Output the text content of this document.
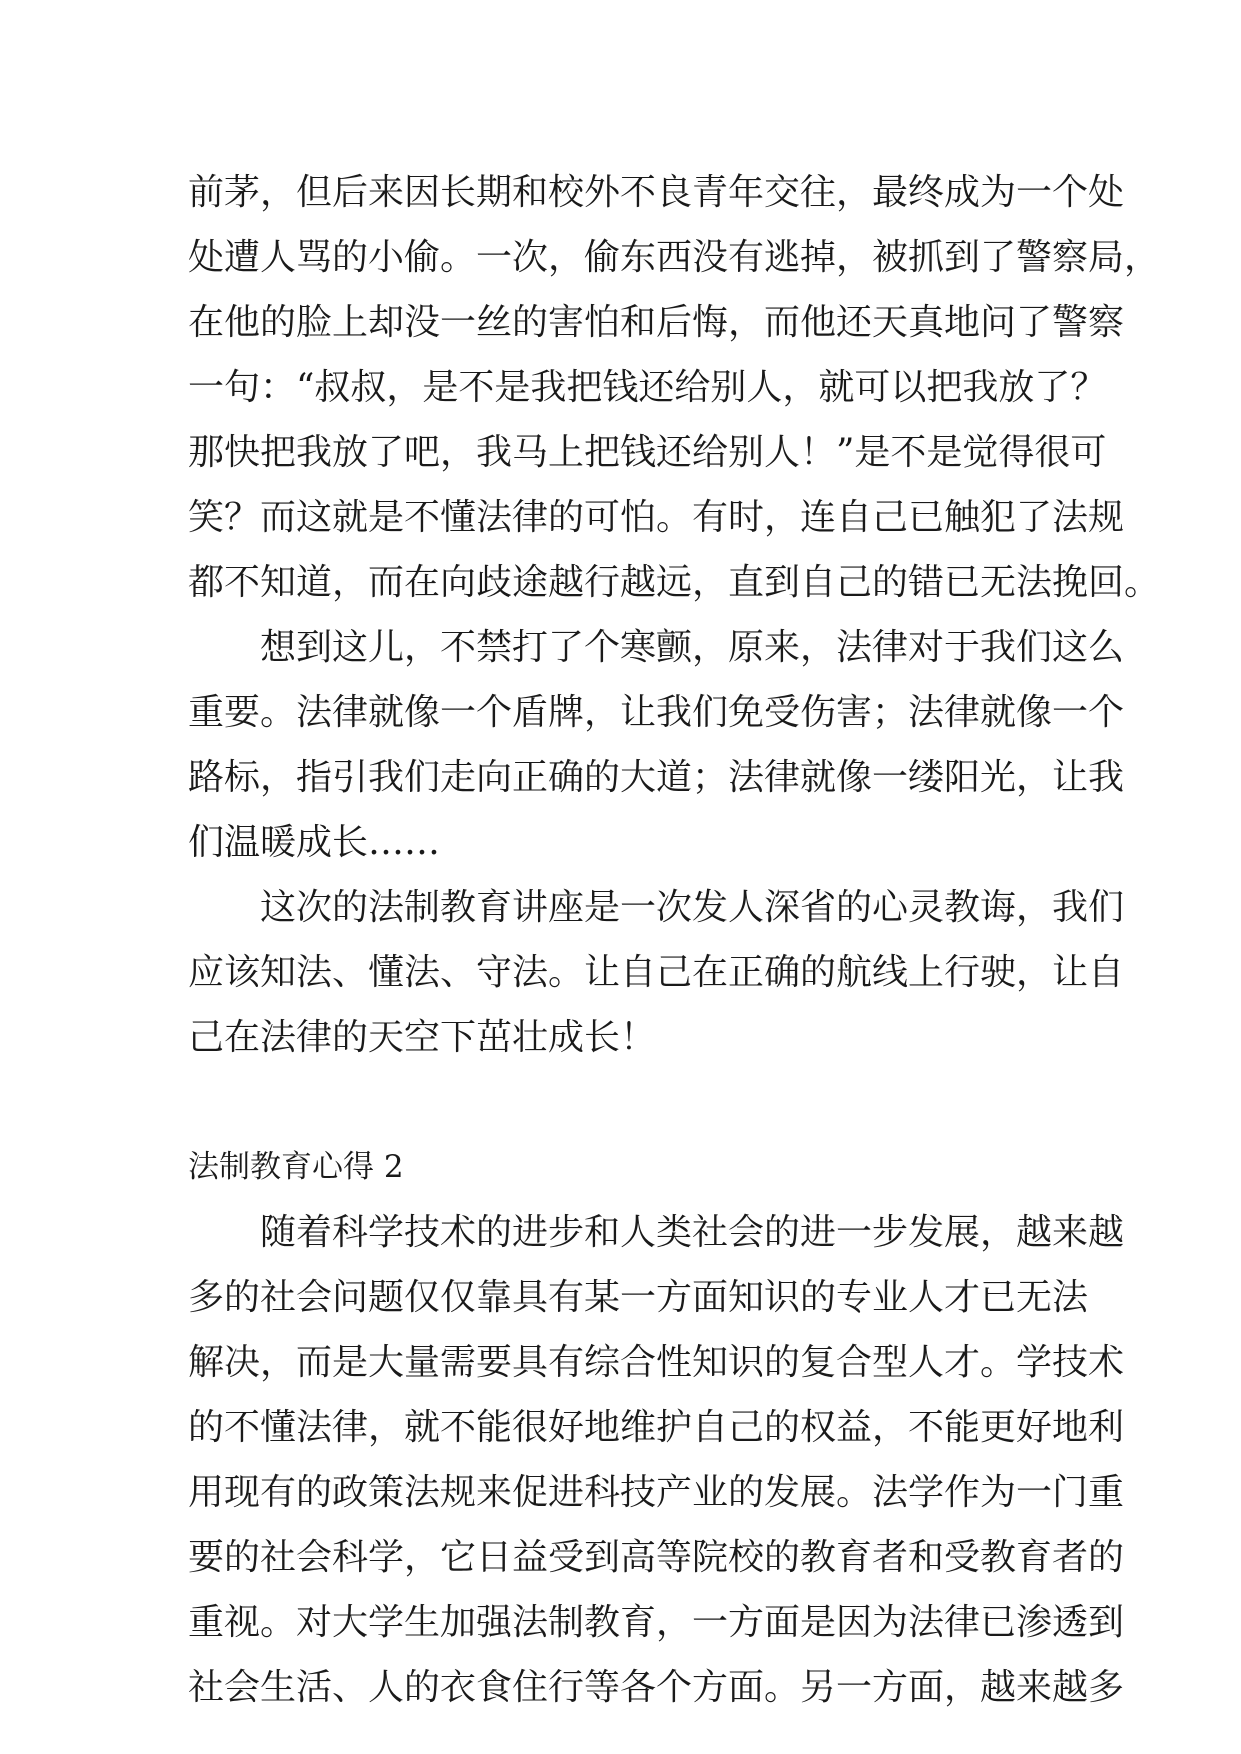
前茅，但后来因长期和校外不良青年交往，最终成为一个处
处遭人骂的小偷。一次，偷东西没有逃掉，被抓到了警察局，
在他的脸上却没一丝的害怕和后悔，而他还天真地问了警察
一句：“叔叔，是不是我把钱还给别人，就可以把我放了？
那快把我放了吧，我马上把钱还给别人！”是不是觉得很可
笑？而这就是不懂法律的可怕。有时，连自己已触犯了法规
都不知道，而在向歧途越行越远，直到自己的错已无法挽回。
想到这儿，不禁打了个寒颤，原来，法律对于我们这么
重要。法律就像一个盾牌，让我们免受伤害；法律就像一个
路标，指引我们走向正确的大道；法律就像一缕阳光，让我
们温暖成长……
这次的法制教育讲座是一次发人深省的心灵教诲，我们
应该知法、懂法、守法。让自己在正确的航线上行驶，让自
己在法律的天空下茁壮成长！
法制教育心得 2
随着科学技术的进步和人类社会的进一步发展，越来越
多的社会问题仅仅靠具有某一方面知识的专业人才已无法
解决，而是大量需要具有综合性知识的复合型人才。学技术
的不懂法律，就不能很好地维护自己的权益，不能更好地利
用现有的政策法规来促进科技产业的发展。法学作为一门重
要的社会科学，它日益受到高等院校的教育者和受教育者的
重视。对大学生加强法制教育，一方面是因为法律已渗透到
社会生活、人的衣食住行等各个方面。另一方面，越来越多
